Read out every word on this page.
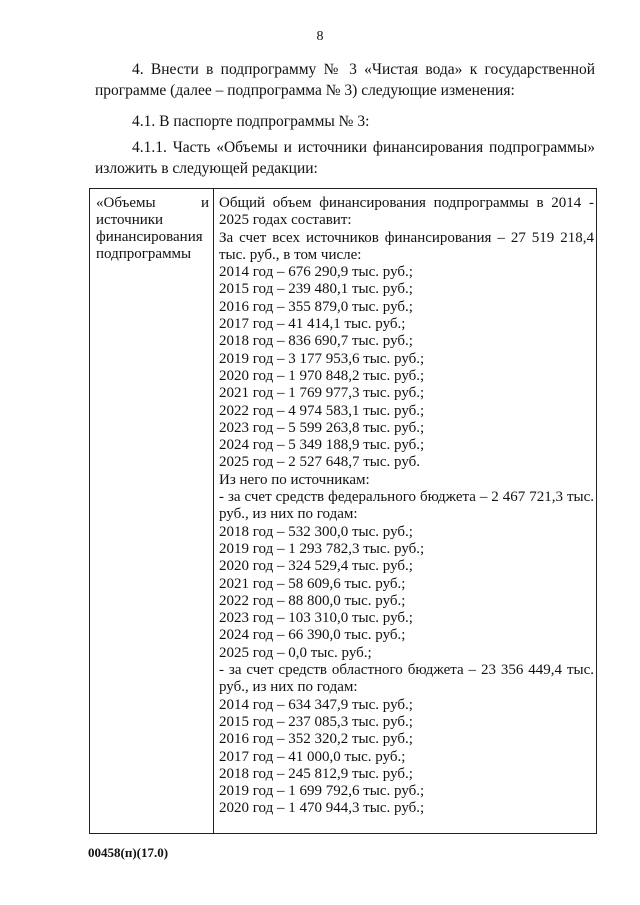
8

4. Внести в подпрограмму № 3 «Чистая вода» к государственной программе (далее – подпрограмма № 3) следующие изменения:

4.1. В паспорте подпрограммы № 3:

4.1.1. Часть «Объемы и источники финансирования подпрограммы» изложить в следующей редакции:

«Объемы и источники финансирования подпрограммы

Общий объем финансирования подпрограммы в 2014 - 2025 годах составит:

За счет всех источников финансирования – 27 519 218,4 тыс. руб., в том числе:

2014 год – 676 290,9 тыс. руб.;

2015 год – 239 480,1 тыс. руб.;

2016 год – 355 879,0 тыс. руб.;

2017 год – 41 414,1 тыс. руб.;

2018 год – 836 690,7 тыс. руб.;

2019 год – 3 177 953,6 тыс. руб.;

2020 год – 1 970 848,2 тыс. руб.;

2021 год – 1 769 977,3 тыс. руб.;

2022 год – 4 974 583,1 тыс. руб.;

2023 год – 5 599 263,8 тыс. руб.;

2024 год – 5 349 188,9 тыс. руб.;

2025 год – 2 527 648,7 тыс. руб.

Из него по источникам:

- за счет средств федерального бюджета – 2 467 721,3 тыс. руб., из них по годам:

2018 год – 532 300,0 тыс. руб.;

2019 год – 1 293 782,3 тыс. руб.;

2020 год – 324 529,4 тыс. руб.;

2021 год – 58 609,6 тыс. руб.;

2022 год – 88 800,0 тыс. руб.;

2023 год – 103 310,0 тыс. руб.;

2024 год – 66 390,0 тыс. руб.;

2025 год – 0,0 тыс. руб.;

- за счет средств областного бюджета – 23 356 449,4 тыс. руб., из них по годам:

2014 год – 634 347,9 тыс. руб.;

2015 год – 237 085,3 тыс. руб.;

2016 год – 352 320,2 тыс. руб.;

2017 год – 41 000,0 тыс. руб.;

2018 год – 245 812,9 тыс. руб.;

2019 год – 1 699 792,6 тыс. руб.;

2020 год – 1 470 944,3 тыс. руб.;

00458(п)(17.0)
